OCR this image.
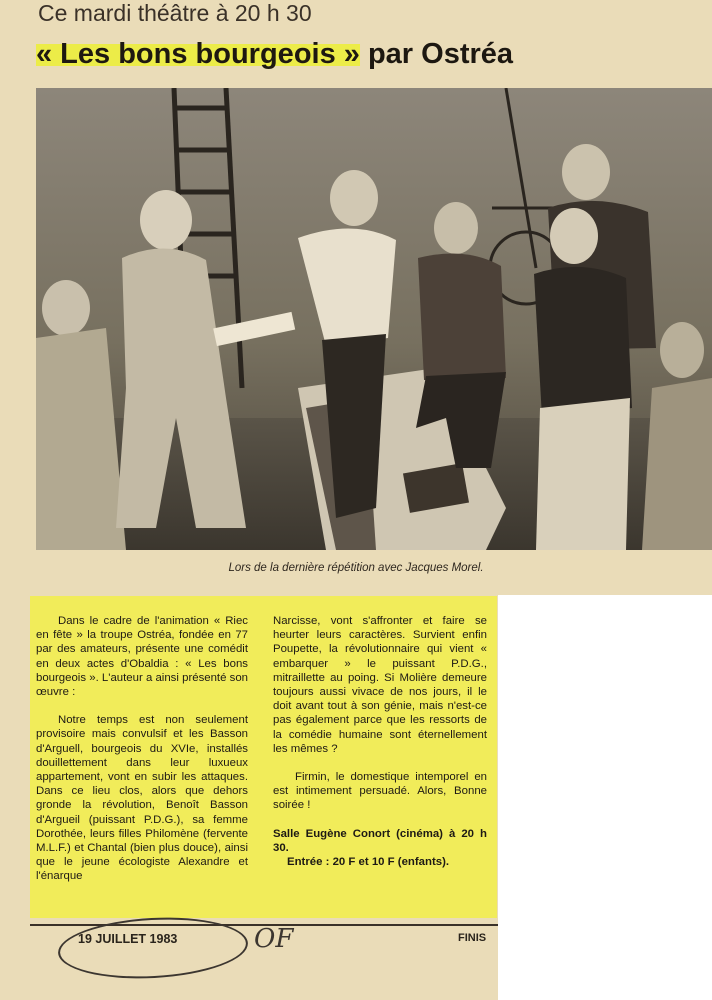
Ce mardi théâtre à 20 h 30
« Les bons bourgeois » par Ostréa
Lors de la dernière répétition avec Jacques Morel.

Dans le cadre de l'animation « Riec en fête » la troupe Ostréa, fondée en 77 par des amateurs, présente une comédit en deux actes d'Obaldia : « Les bons bourgeois ». L'auteur a ainsi présenté son œuvre :

Notre temps est non seulement provisoire mais convulsif et les Basson d'Arguell, bourgeois du XVIe, installés douillettement dans leur luxueux appartement, vont en subir les attaques. Dans ce lieu clos, alors que dehors gronde la révolution, Benoît Basson d'Argueil (puissant P.D.G.), sa femme Dorothée, leurs filles Philomène (fervente M.L.F.) et Chantal (bien plus douce), ainsi que le jeune écologiste Alexandre et l'énarque

Narcisse, vont s'affronter et faire se heurter leurs caractères. Survient enfin Poupette, la révolutionnaire qui vient « embarquer » le puissant P.D.G., mitraillette au poing. Si Molière demeure toujours aussi vivace de nos jours, il le doit avant tout à son génie, mais n'est-ce pas également parce que les ressorts de la comédie humaine sont éternellement les mêmes ?

Firmin, le domestique intemporel en est intimement persuadé. Alors, Bonne soirée !

Salle Eugène Conort (cinéma) à 20 h 30.

Entrée : 20 F et 10 F (enfants).

19 JUILLET 1983	OF	FINIS
